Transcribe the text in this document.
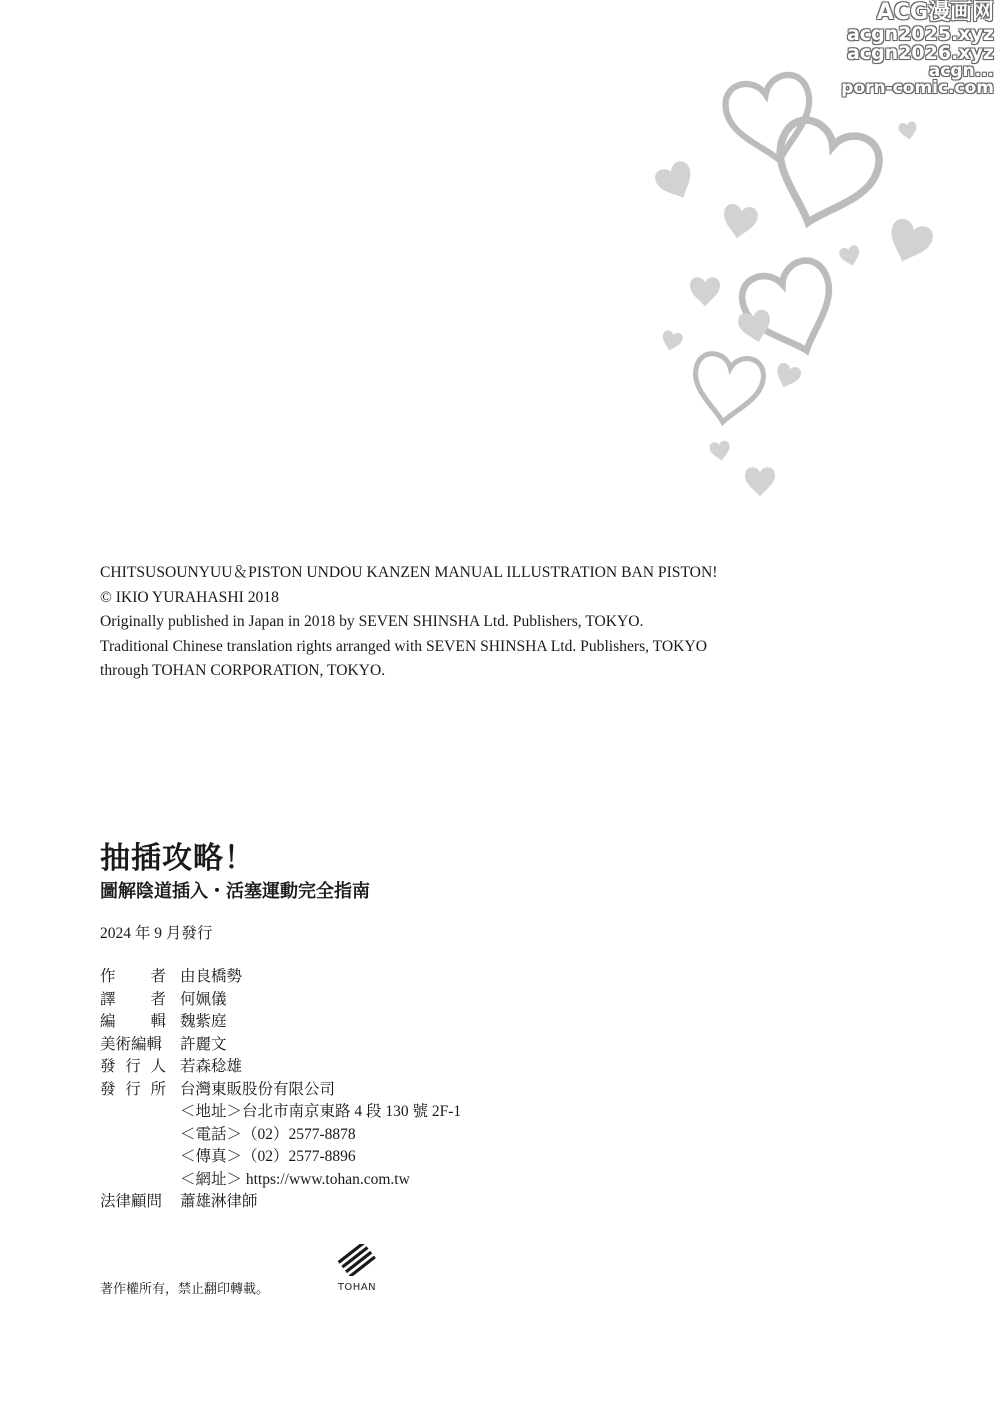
ACG漫画网
acgn2025.xyz
acgn2026.xyz
acgn...
porn-comic.com
CHITSUSOUNYUU＆PISTON UNDOU KANZEN MANUAL ILLUSTRATION BAN PISTON!
© IKIO YURAHASHI 2018
Originally published in Japan in 2018 by SEVEN SHINSHA Ltd. Publishers, TOKYO.
Traditional Chinese translation rights arranged with SEVEN SHINSHA Ltd. Publishers, TOKYO
through TOHAN CORPORATION, TOKYO.
抽插攻略！
圖解陰道插入・活塞運動完全指南
2024 年 9 月發行
作 者 由良橋勢
譯 者 何姵儀
編 輯 魏紫庭
美 術 編 輯 許麗文
發 行 人 若森稔雄
發 行 所 台灣東販股份有限公司
＜地址＞台北市南京東路 4 段 130 號 2F-1
＜電話＞（02）2577-8878
＜傳真＞（02）2577-8896
＜網址＞ https://www.tohan.com.tw
法 律 顧 問 蕭雄淋律師
TOHAN
著作權所有，禁止翻印轉載。
